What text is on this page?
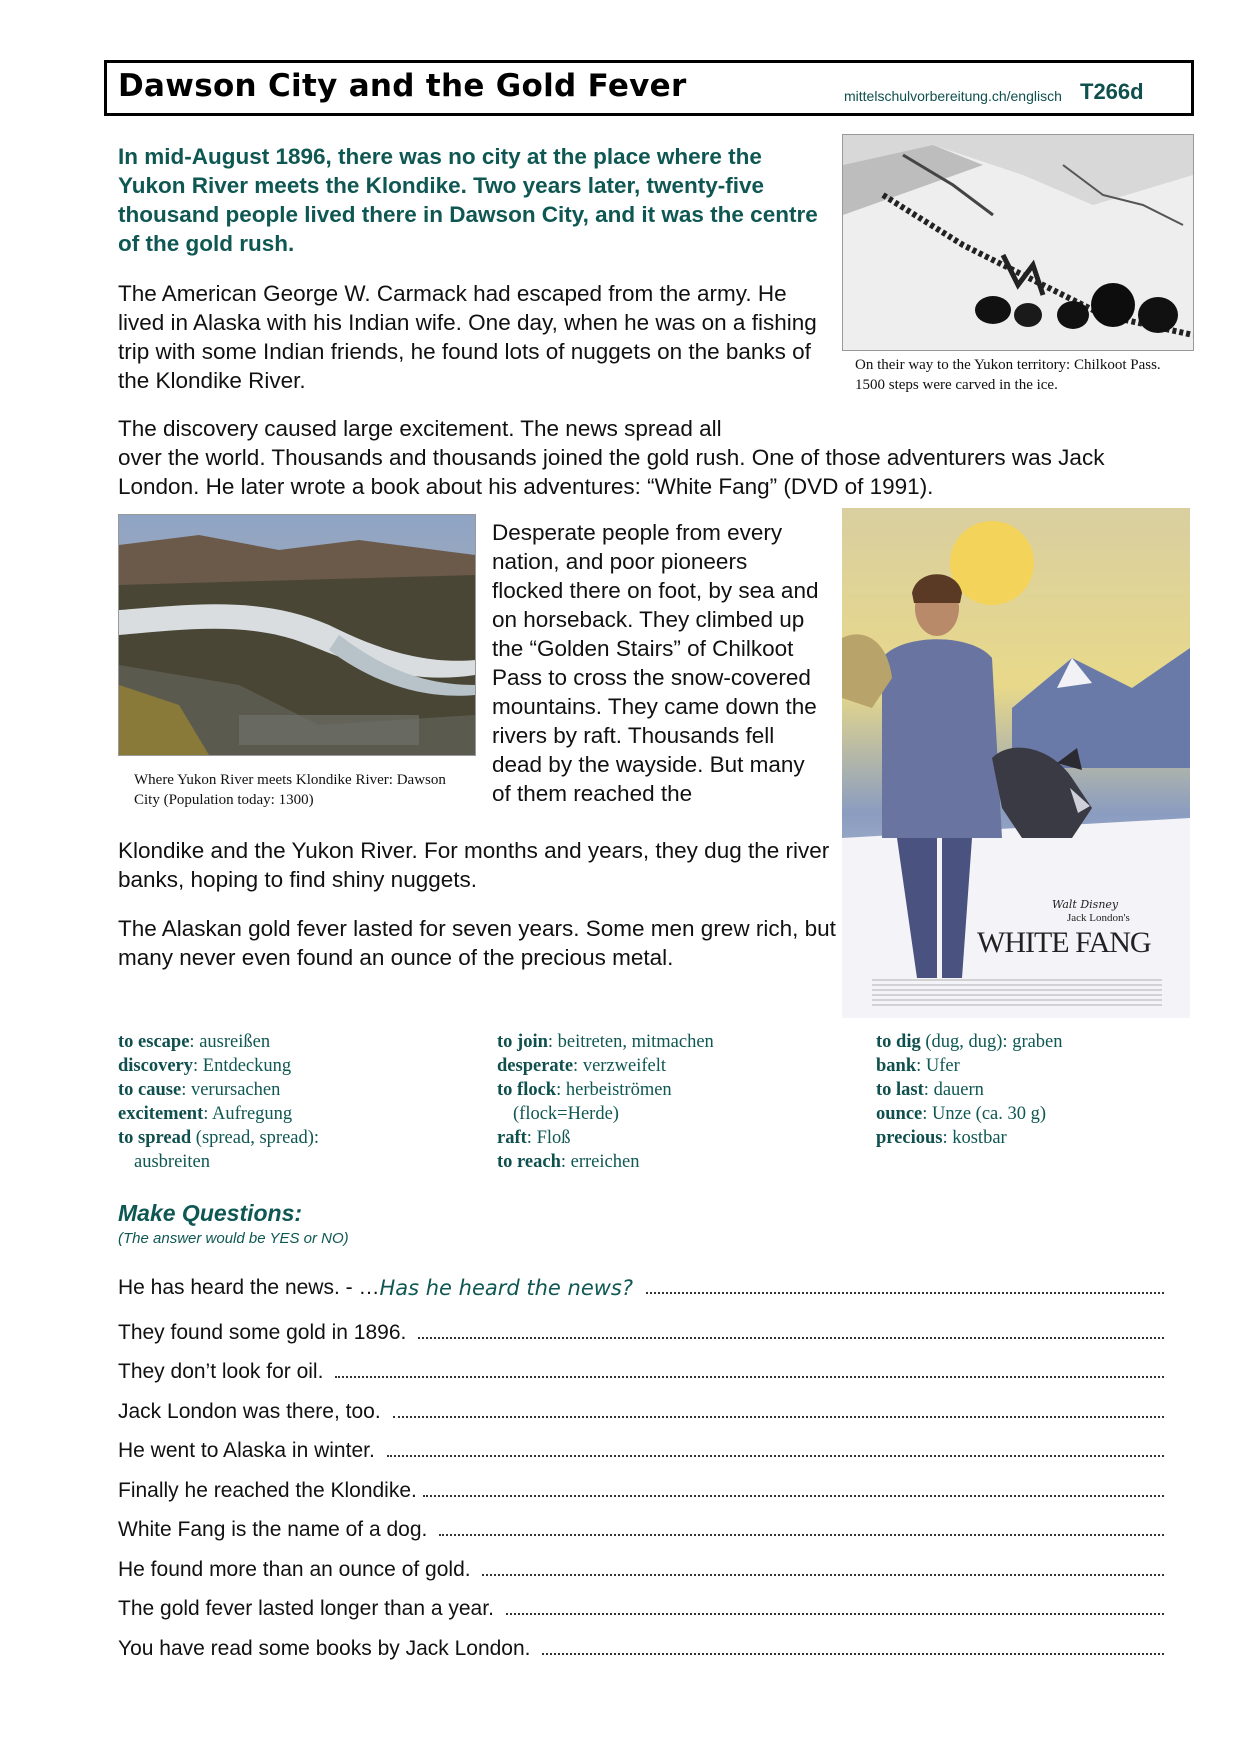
Dawson City and the Gold Fever	mittelschulvorbereitung.ch/englisch T266d
In mid-August 1896, there was no city at the place where the Yukon River meets the Klondike. Two years later, twenty-five thousand people lived there in Dawson City, and it was the centre of the gold rush.
On their way to the Yukon territory: Chilkoot Pass. 1500 steps were carved in the ice.
The American George W. Carmack had escaped from the army. He lived in Alaska with his Indian wife. One day, when he was on a fishing trip with some Indian friends, he found lots of nuggets on the banks of the Klondike River.
The discovery caused large excitement. The news spread all
over the world. Thousands and thousands joined the gold rush. One of those adventurers was Jack London. He later wrote a book about his adventures: “White Fang” (DVD of 1991).
Where Yukon River meets Klondike River: Dawson City (Population today: 1300)
Desperate people from every nation, and poor pioneers flocked there on foot, by sea and on horseback. They climbed up the “Golden Stairs” of Chilkoot Pass to cross the snow-covered mountains. They came down the rivers by raft. Thousands fell dead by the wayside. But many of them reached the
Klondike and the Yukon River. For months and years, they dug the river banks, hoping to find shiny nuggets.
The Alaskan gold fever lasted for seven years. Some men grew rich, but many never even found an ounce of the precious metal.
Walt Disney
Jack London's
WHITE FANG
to escape: ausreißen
discovery: Entdeckung
to cause: verursachen
excitement: Aufregung
to spread (spread, spread):
ausbreiten
to join: beitreten, mitmachen
desperate: verzweifelt
to flock: herbeiströmen
(flock=Herde)
raft: Floß
to reach: erreichen
to dig (dug, dug): graben
bank: Ufer
to last: dauern
ounce: Unze (ca. 30 g)
precious: kostbar
Make Questions:
(The answer would be YES or NO)
He has heard the news. - … Has he heard the news?
They found some gold in 1896.
They don’t look for oil.
Jack London was there, too.
He went to Alaska in winter.
Finally he reached the Klondike.
White Fang is the name of a dog.
He found more than an ounce of gold.
The gold fever lasted longer than a year.
You have read some books by Jack London.
